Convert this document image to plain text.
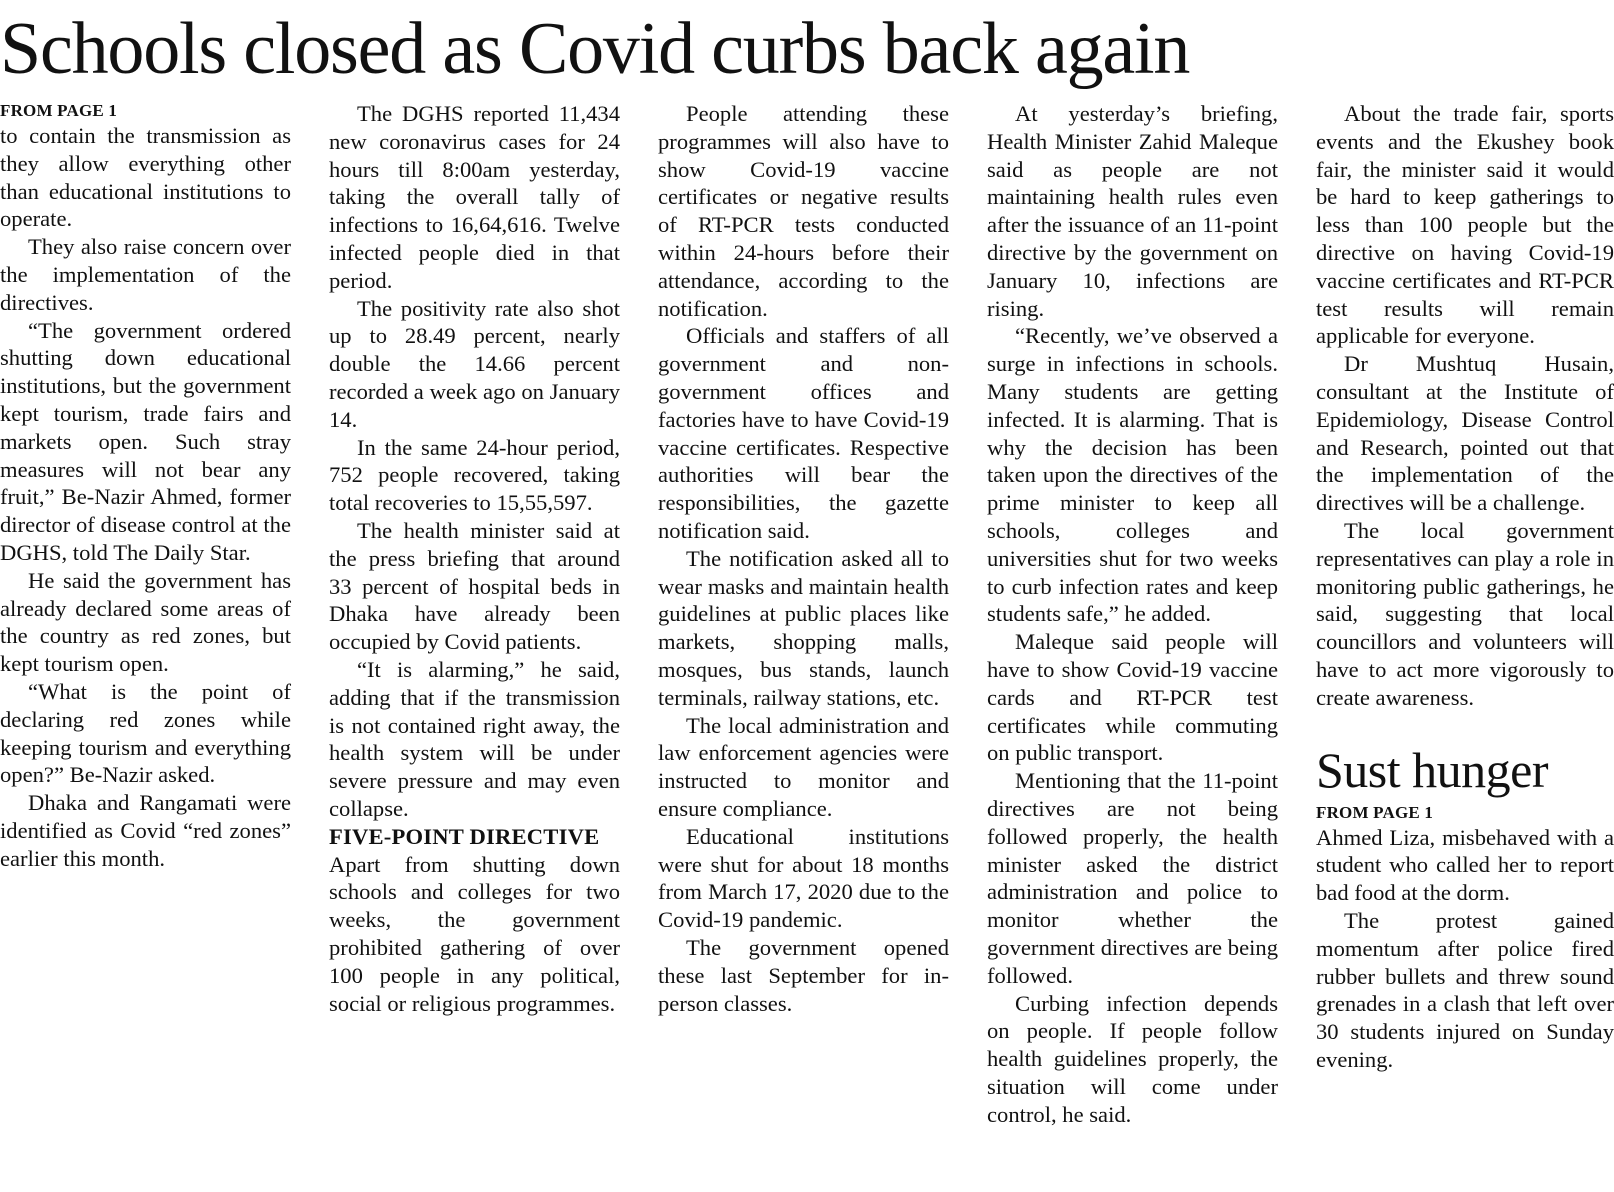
Schools closed as Covid curbs back again
FROM PAGE 1

to contain the transmission as they allow everything other than educational institutions to operate.

They also raise concern over the implementation of the directives.

“The government ordered shutting down educational institutions, but the government kept tourism, trade fairs and markets open. Such stray measures will not bear any fruit,” Be-Nazir Ahmed, former director of disease control at the DGHS, told The Daily Star.

He said the government has already declared some areas of the country as red zones, but kept tourism open.

“What is the point of declaring red zones while keeping tourism and everything open?” Be-Nazir asked.

Dhaka and Rangamati were identified as Covid “red zones” earlier this month.

The DGHS reported 11,434 new coronavirus cases for 24 hours till 8:00am yesterday, taking the overall tally of infections to 16,64,616. Twelve infected people died in that period.

The positivity rate also shot up to 28.49 percent, nearly double the 14.66 percent recorded a week ago on January 14.

In the same 24-hour period, 752 people recovered, taking total recoveries to 15,55,597.

The health minister said at the press briefing that around 33 percent of hospital beds in Dhaka have already been occupied by Covid patients.

“It is alarming,” he said, adding that if the transmission is not contained right away, the health system will be under severe pressure and may even collapse.

FIVE-POINT DIRECTIVE

Apart from shutting down schools and colleges for two weeks, the government prohibited gathering of over 100 people in any political, social or religious programmes.

People attending these programmes will also have to show Covid-19 vaccine certificates or negative results of RT-PCR tests conducted within 24-hours before their attendance, according to the notification.

Officials and staffers of all government and non-government offices and factories have to have Covid-19 vaccine certificates. Respective authorities will bear the responsibilities, the gazette notification said.

The notification asked all to wear masks and maintain health guidelines at public places like markets, shopping malls, mosques, bus stands, launch terminals, railway stations, etc.

The local administration and law enforcement agencies were instructed to monitor and ensure compliance.

Educational institutions were shut for about 18 months from March 17, 2020 due to the Covid-19 pandemic.

The government opened these last September for in-person classes.

At yesterday’s briefing, Health Minister Zahid Maleque said as people are not maintaining health rules even after the issuance of an 11-point directive by the government on January 10, infections are rising.

“Recently, we’ve observed a surge in infections in schools. Many students are getting infected. It is alarming. That is why the decision has been taken upon the directives of the prime minister to keep all schools, colleges and universities shut for two weeks to curb infection rates and keep students safe,” he added.

Maleque said people will have to show Covid-19 vaccine cards and RT-PCR test certificates while commuting on public transport.

Mentioning that the 11-point directives are not being followed properly, the health minister asked the district administration and police to monitor whether the government directives are being followed.

Curbing infection depends on people. If people follow health guidelines properly, the situation will come under control, he said.

About the trade fair, sports events and the Ekushey book fair, the minister said it would be hard to keep gatherings to less than 100 people but the directive on having Covid-19 vaccine certificates and RT-PCR test results will remain applicable for everyone.

Dr Mushtuq Husain, consultant at the Institute of Epidemiology, Disease Control and Research, pointed out that the implementation of the directives will be a challenge.

The local government representatives can play a role in monitoring public gatherings, he said, suggesting that local councillors and volunteers will have to act more vigorously to create awareness.

Sust hunger
FROM PAGE 1

Ahmed Liza, misbehaved with a student who called her to report bad food at the dorm.

The protest gained momentum after police fired rubber bullets and threw sound grenades in a clash that left over 30 students injured on Sunday evening.
